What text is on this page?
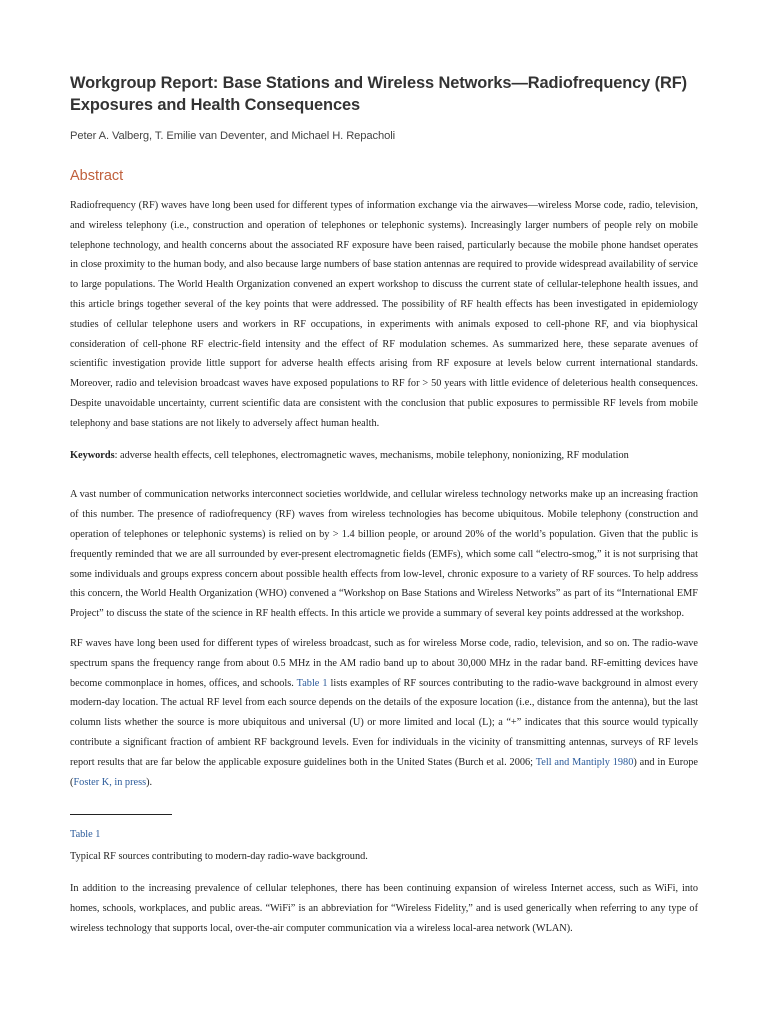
Workgroup Report: Base Stations and Wireless Networks—Radiofrequency (RF) Exposures and Health Consequences
Peter A. Valberg, T. Emilie van Deventer, and Michael H. Repacholi
Abstract

Radiofrequency (RF) waves have long been used for different types of information exchange via the airwaves—wireless Morse code, radio, television, and wireless telephony (i.e., construction and operation of telephones or telephonic systems). Increasingly larger numbers of people rely on mobile telephone technology, and health concerns about the associated RF exposure have been raised, particularly because the mobile phone handset operates in close proximity to the human body, and also because large numbers of base station antennas are required to provide widespread availability of service to large populations. The World Health Organization convened an expert workshop to discuss the current state of cellular-telephone health issues, and this article brings together several of the key points that were addressed. The possibility of RF health effects has been investigated in epidemiology studies of cellular telephone users and workers in RF occupations, in experiments with animals exposed to cell-phone RF, and via biophysical consideration of cell-phone RF electric-field intensity and the effect of RF modulation schemes. As summarized here, these separate avenues of scientific investigation provide little support for adverse health effects arising from RF exposure at levels below current international standards. Moreover, radio and television broadcast waves have exposed populations to RF for > 50 years with little evidence of deleterious health consequences. Despite unavoidable uncertainty, current scientific data are consistent with the conclusion that public exposures to permissible RF levels from mobile telephony and base stations are not likely to adversely affect human health.

Keywords: adverse health effects, cell telephones, electromagnetic waves, mechanisms, mobile telephony, nonionizing, RF modulation

A vast number of communication networks interconnect societies worldwide, and cellular wireless technology networks make up an increasing fraction of this number. The presence of radiofrequency (RF) waves from wireless technologies has become ubiquitous. Mobile telephony (construction and operation of telephones or telephonic systems) is relied on by > 1.4 billion people, or around 20% of the world’s population. Given that the public is frequently reminded that we are all surrounded by ever-present electromagnetic fields (EMFs), which some call “electro-smog,” it is not surprising that some individuals and groups express concern about possible health effects from low-level, chronic exposure to a variety of RF sources. To help address this concern, the World Health Organization (WHO) convened a “Workshop on Base Stations and Wireless Networks” as part of its “International EMF Project” to discuss the state of the science in RF health effects. In this article we provide a summary of several key points addressed at the workshop.

RF waves have long been used for different types of wireless broadcast, such as for wireless Morse code, radio, television, and so on. The radio-wave spectrum spans the frequency range from about 0.5 MHz in the AM radio band up to about 30,000 MHz in the radar band. RF-emitting devices have become commonplace in homes, offices, and schools. Table 1 lists examples of RF sources contributing to the radio-wave background in almost every modern-day location. The actual RF level from each source depends on the details of the exposure location (i.e., distance from the antenna), but the last column lists whether the source is more ubiquitous and universal (U) or more limited and local (L); a “+” indicates that this source would typically contribute a significant fraction of ambient RF background levels. Even for individuals in the vicinity of transmitting antennas, surveys of RF levels report results that are far below the applicable exposure guidelines both in the United States (Burch et al. 2006; Tell and Mantiply 1980) and in Europe (Foster K, in press).

Table 1
Typical RF sources contributing to modern-day radio-wave background.

In addition to the increasing prevalence of cellular telephones, there has been continuing expansion of wireless Internet access, such as WiFi, into homes, schools, workplaces, and public areas. “WiFi” is an abbreviation for “Wireless Fidelity,” and is used generically when referring to any type of wireless technology that supports local, over-the-air computer communication via a wireless local-area network (WLAN).
